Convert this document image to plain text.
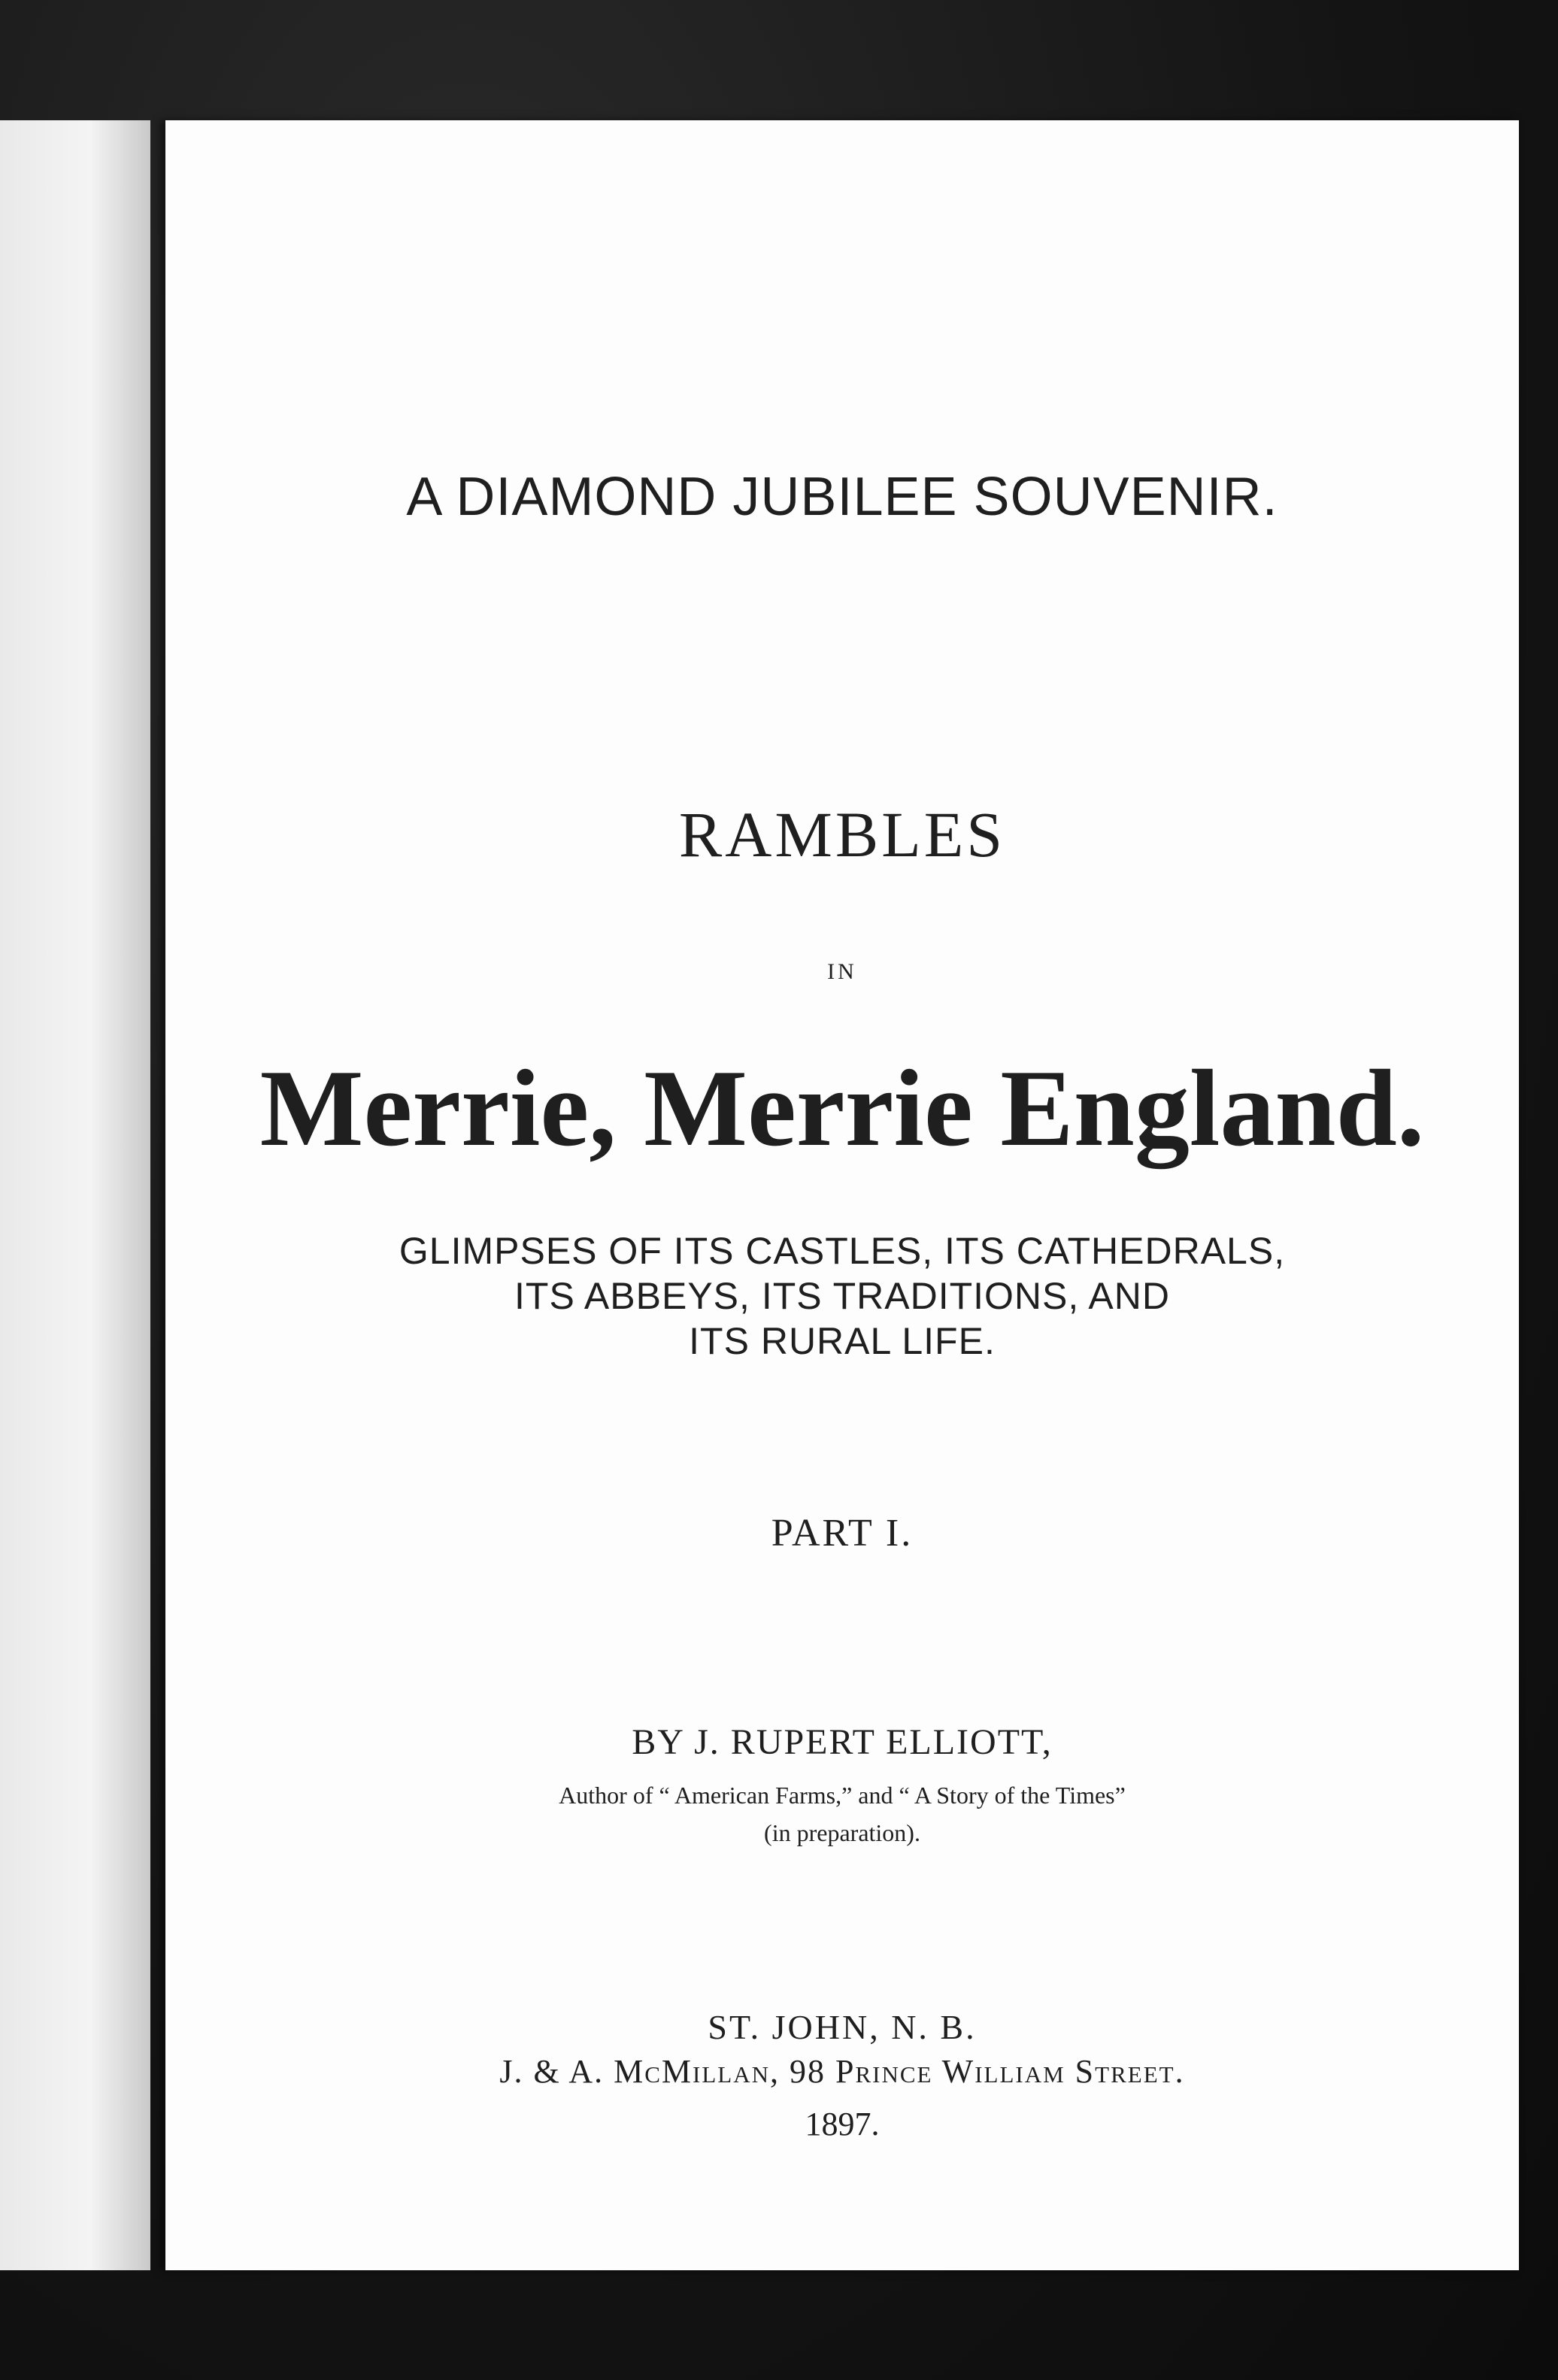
A DIAMOND JUBILEE SOUVENIR.
RAMBLES
IN
Merrie, Merrie England.
GLIMPSES OF ITS CASTLES, ITS CATHEDRALS,
ITS ABBEYS, ITS TRADITIONS, AND
ITS RURAL LIFE.
PART I.
BY J. RUPERT ELLIOTT,
Author of “ American Farms,” and “ A Story of the Times”
(in preparation).
ST. JOHN, N. B.
J. & A. McMillan, 98 Prince William Street.
1897.
